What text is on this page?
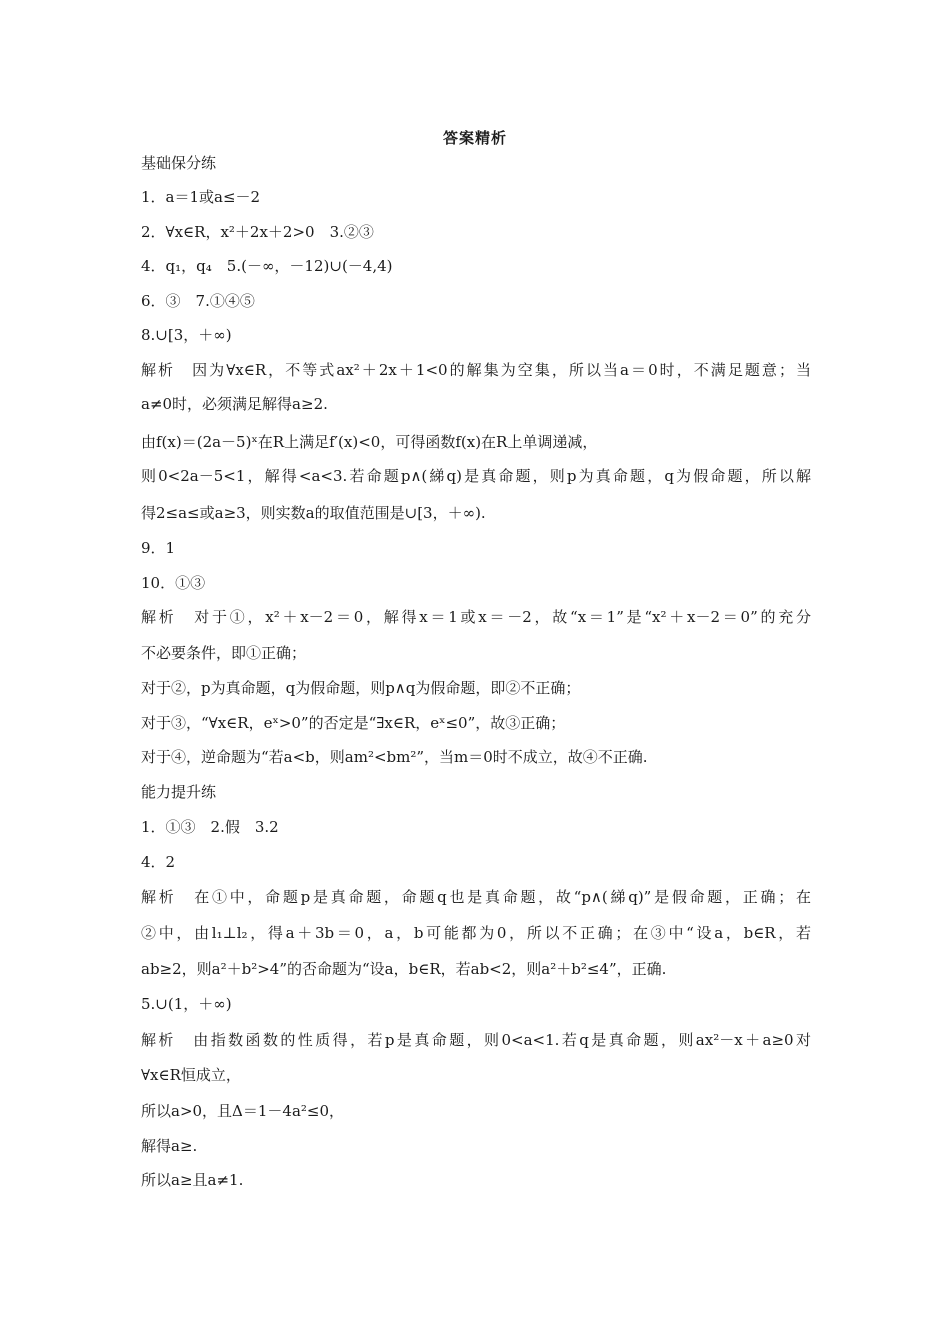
答案精析
基础保分练
1．a＝1或a≤－2
2．∀x∈R，x²＋2x＋2>0　3.②③
4．q₁，q₄　5.(－∞，－12)∪(－4,4)
6．③　7.①④⑤
8.∪[3，＋∞)
解析　因为∀x∈R，不等式ax²＋2x＋1<0的解集为空集，所以当a＝0时，不满足题意；当
a≠0时，必须满足解得a≥2.
由f(x)＝(2a－5)ˣ在R上满足f′(x)<0，可得函数f(x)在R上单调递减，
则0<2a－5<1，解得<a<3.若命题p∧(綈q)是真命题，则p为真命题，q为假命题，所以解
得2≤a≤或a≥3，则实数a的取值范围是∪[3，＋∞).
9．1
10．①③
解析　对于①，x²＋x－2＝0，解得x＝1或x＝－2，故“x＝1”是“x²＋x－2＝0”的充分
不必要条件，即①正确；
对于②，p为真命题，q为假命题，则p∧q为假命题，即②不正确；
对于③，“∀x∈R，eˣ>0”的否定是“∃x∈R，eˣ≤0”，故③正确；
对于④，逆命题为“若a<b，则am²<bm²”，当m＝0时不成立，故④不正确.
能力提升练
1．①③　2.假　3.2
4．2
解析　在①中，命题p是真命题，命题q也是真命题，故“p∧(綈q)”是假命题，正确；在
②中，由l₁⊥l₂，得a＋3b＝0，a，b可能都为0，所以不正确；在③中“设a，b∈R，若
ab≥2，则a²＋b²>4”的否命题为“设a，b∈R，若ab<2，则a²＋b²≤4”，正确.
5.∪(1，＋∞)
解析　由指数函数的性质得，若p是真命题，则0<a<1.若q是真命题，则ax²－x＋a≥0对
∀x∈R恒成立，
所以a>0，且Δ＝1－4a²≤0，
解得a≥.
所以a≥且a≠1.
